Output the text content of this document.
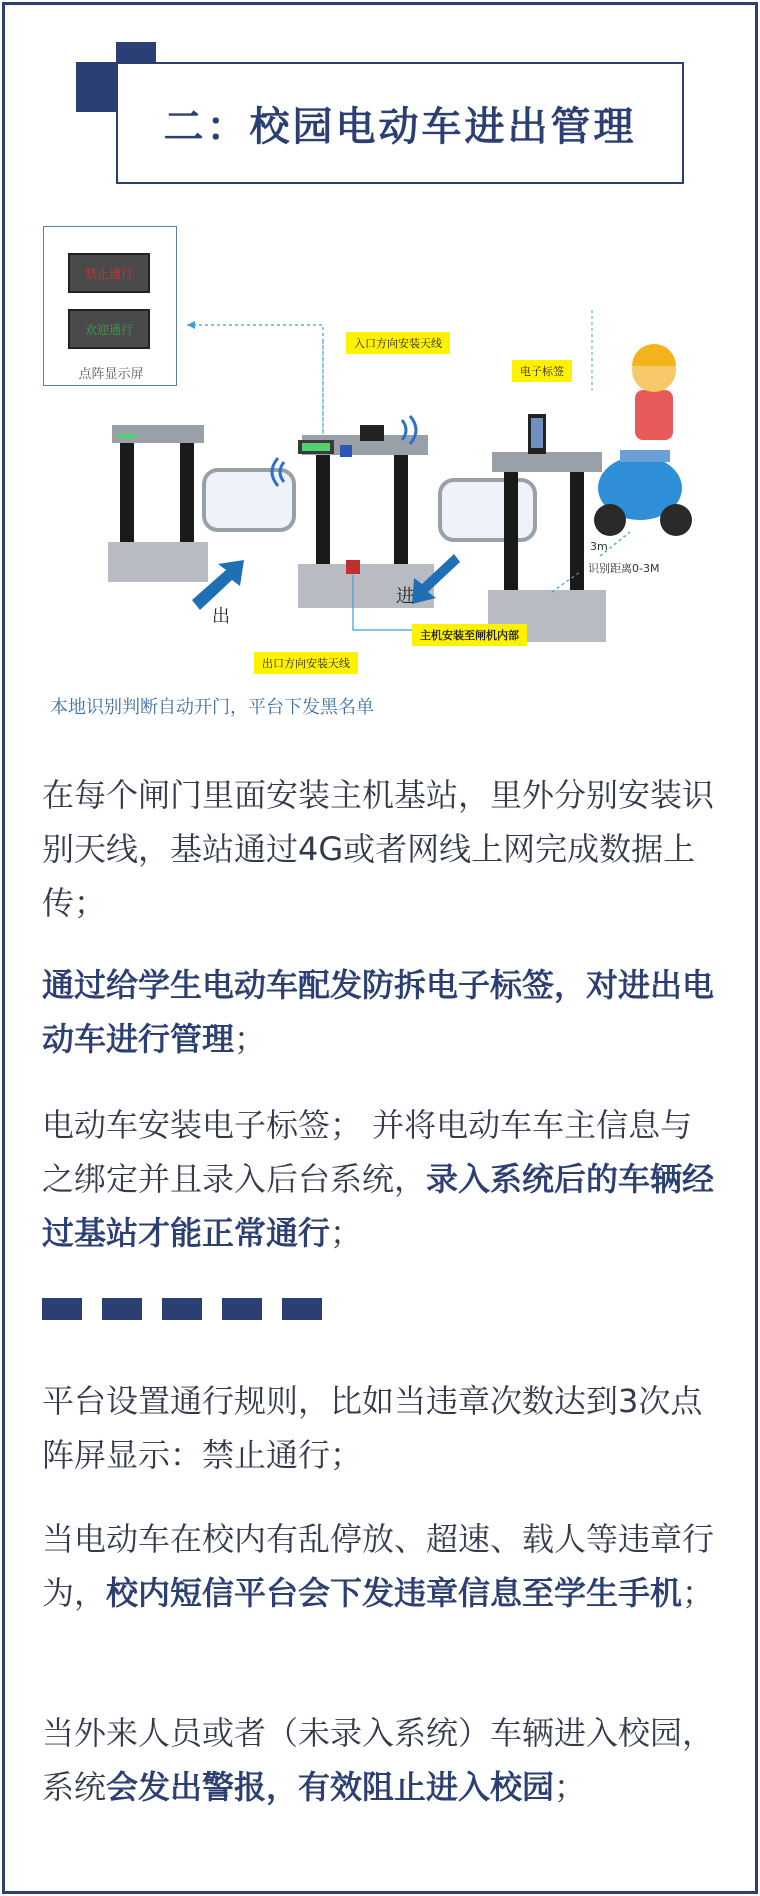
二：校园电动车进出管理
禁止通行
欢迎通行
点阵显示屏
入口方向安装天线
电子标签
主机安装至闸机内部
出口方向安装天线
出
进
3m
识别距离0-3M
本地识别判断自动开门，平台下发黑名单
在每个闸门里面安装主机基站，里外分别安装识别天线，基站通过4G或者网线上网完成数据上传；
通过给学生电动车配发防拆电子标签，对进出电动车进行管理；
电动车安装电子标签； 并将电动车车主信息与之绑定并且录入后台系统，录入系统后的车辆经过基站才能正常通行；
平台设置通行规则，比如当违章次数达到3次点阵屏显示：禁止通行；
当电动车在校内有乱停放、超速、载人等违章行为，校内短信平台会下发违章信息至学生手机；
当外来人员或者（未录入系统）车辆进入校园，系统会发出警报，有效阻止进入校园；
